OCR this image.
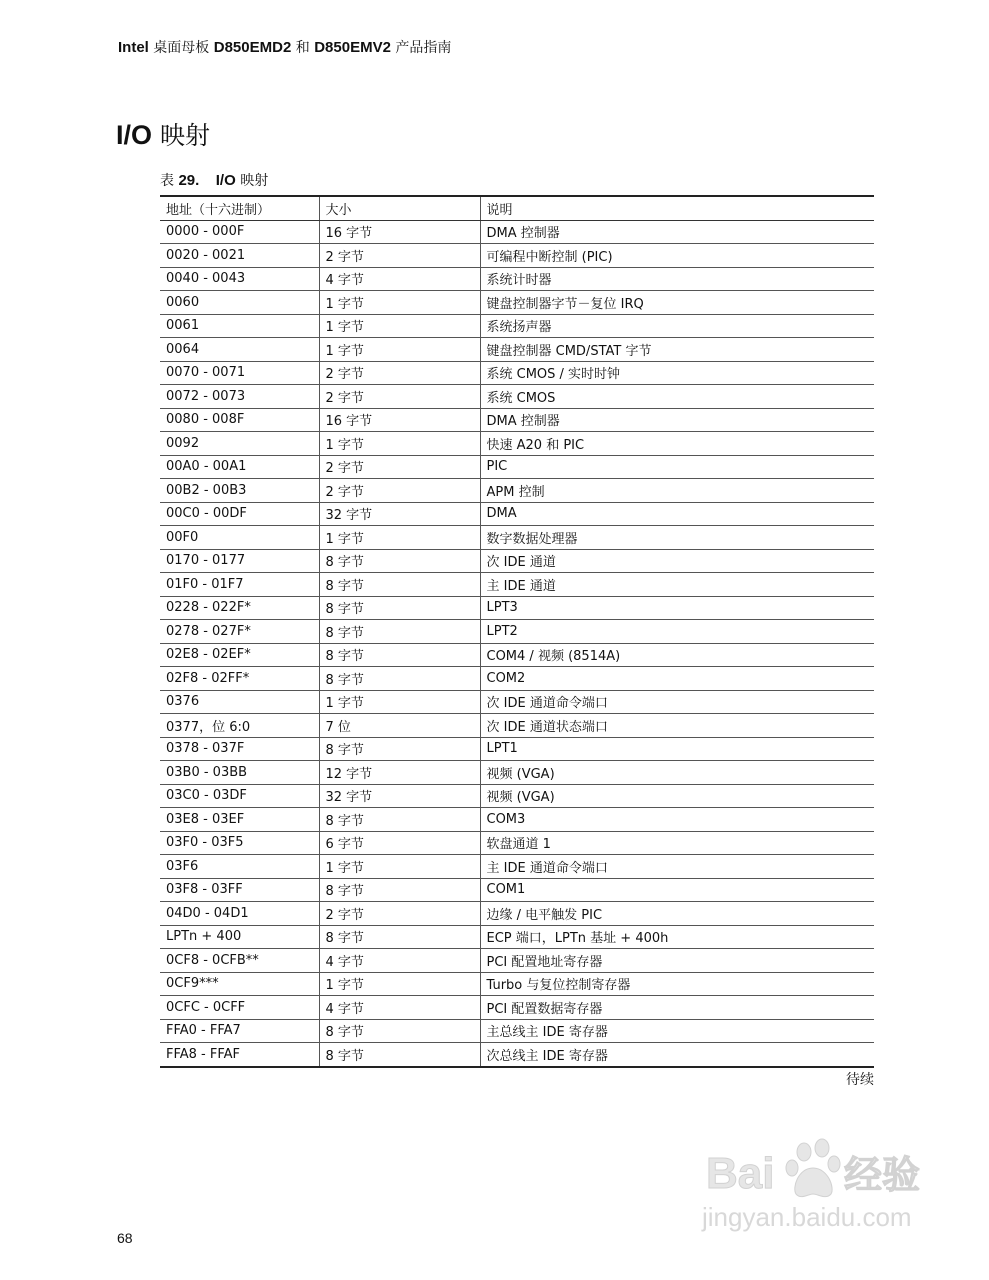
Intel 桌面母板 D850EMD2 和 D850EMV2 产品指南
I/O 映射
表 29. I/O 映射
地址（十六进制）	大小	说明
0000 - 000F	16 字节	DMA 控制器
0020 - 0021	2 字节	可编程中断控制 (PIC)
0040 - 0043	4 字节	系统计时器
0060	1 字节	键盘控制器字节－复位 IRQ
0061	1 字节	系统扬声器
0064	1 字节	键盘控制器 CMD/STAT 字节
0070 - 0071	2 字节	系统 CMOS / 实时时钟
0072 - 0073	2 字节	系统 CMOS
0080 - 008F	16 字节	DMA 控制器
0092	1 字节	快速 A20 和 PIC
00A0 - 00A1	2 字节	PIC
00B2 - 00B3	2 字节	APM 控制
00C0 - 00DF	32 字节	DMA
00F0	1 字节	数字数据处理器
0170 - 0177	8 字节	次 IDE 通道
01F0 - 01F7	8 字节	主 IDE 通道
0228 - 022F*	8 字节	LPT3
0278 - 027F*	8 字节	LPT2
02E8 - 02EF*	8 字节	COM4 / 视频 (8514A)
02F8 - 02FF*	8 字节	COM2
0376	1 字节	次 IDE 通道命令端口
0377，位 6:0	7 位	次 IDE 通道状态端口
0378 - 037F	8 字节	LPT1
03B0 - 03BB	12 字节	视频 (VGA)
03C0 - 03DF	32 字节	视频 (VGA)
03E8 - 03EF	8 字节	COM3
03F0 - 03F5	6 字节	软盘通道 1
03F6	1 字节	主 IDE 通道命令端口
03F8 - 03FF	8 字节	COM1
04D0 - 04D1	2 字节	边缘 / 电平触发 PIC
LPTn + 400	8 字节	ECP 端口，LPTn 基址 + 400h
0CF8 - 0CFB**	4 字节	PCI 配置地址寄存器
0CF9***	1 字节	Turbo 与复位控制寄存器
0CFC - 0CFF	4 字节	PCI 配置数据寄存器
FFA0 - FFA7	8 字节	主总线主 IDE 寄存器
FFA8 - FFAF	8 字节	次总线主 IDE 寄存器
待续
68
Bai 经验
jingyan.baidu.com
